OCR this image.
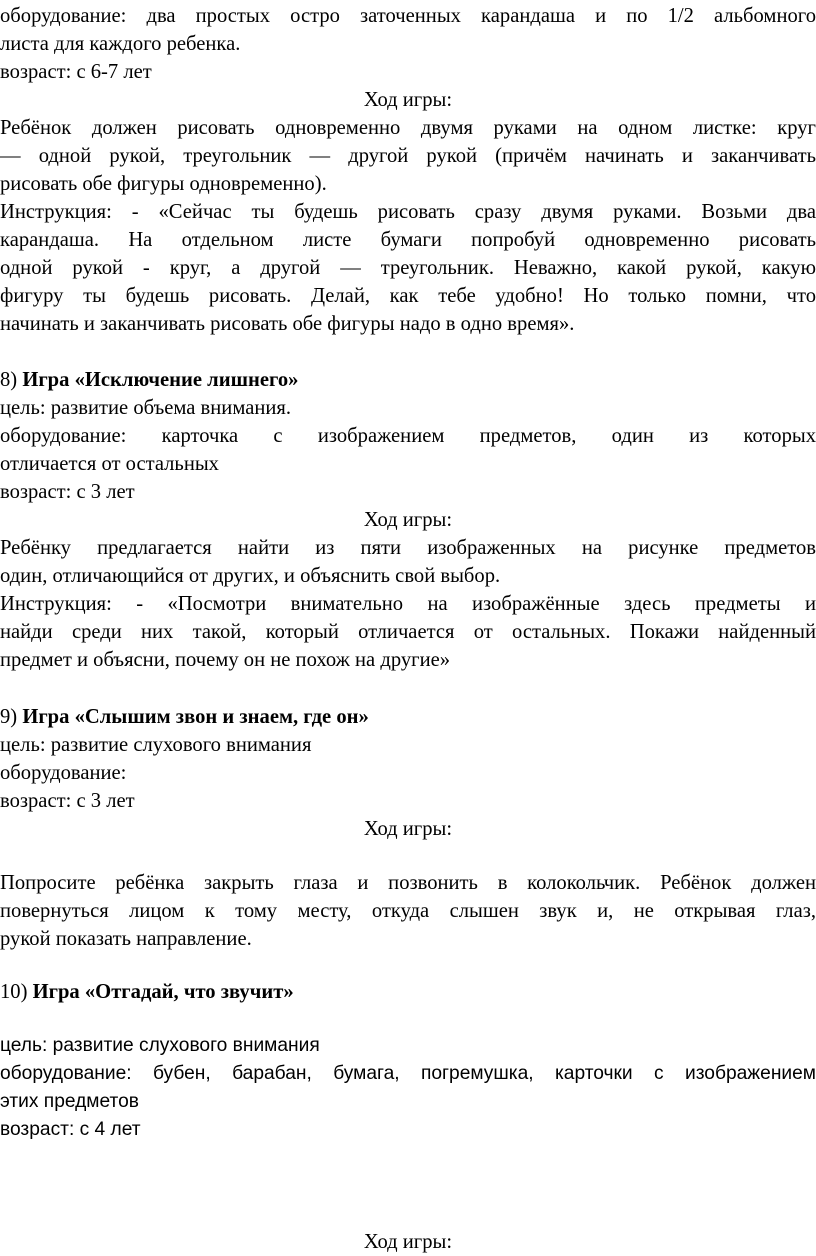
оборудование: два простых остро заточенных карандаша и по 1/2 альбомного
листа для каждого ребенка.
возраст: с 6-7 лет
Ход игры:
Ребёнок должен рисовать одновременно двумя руками на одном листке: круг
— одной рукой, треугольник — другой рукой (причём начинать и заканчивать
рисовать обе фигуры одновременно).
Инструкция: - «Сейчас ты будешь рисовать сразу двумя руками. Возьми два
карандаша. На отдельном листе бумаги попробуй одновременно рисовать
одной рукой - круг, а другой — треугольник. Неважно, какой рукой, какую
фигуру ты будешь рисовать. Делай, как тебе удобно! Но только помни, что
начинать и заканчивать рисовать обе фигуры надо в одно время».
8) Игра «Исключение лишнего»
цель: развитие объема внимания.
оборудование: карточка с изображением предметов, один из которых
отличается от остальных
возраст: с 3 лет
Ход игры:
Ребёнку предлагается найти из пяти изображенных на рисунке предметов
один, отличающийся от других, и объяснить свой выбор.
Инструкция: - «Посмотри внимательно на изображённые здесь предметы и
найди среди них такой, который отличается от остальных. Покажи найденный
предмет и объясни, почему он не похож на другие»
9) Игра «Слышим звон и знаем, где он»
цель: развитие слухового внимания
оборудование:
возраст: с 3 лет
Ход игры:
Попросите ребёнка закрыть глаза и позвонить в колокольчик. Ребёнок должен
повернуться лицом к тому месту, откуда слышен звук и, не открывая глаз,
рукой показать направление.
10) Игра «Отгадай, что звучит»
цель: развитие слухового внимания
оборудование: бубен, барабан, бумага, погремушка, карточки с изображением
этих предметов
возраст: с 4 лет
Ход игры:
